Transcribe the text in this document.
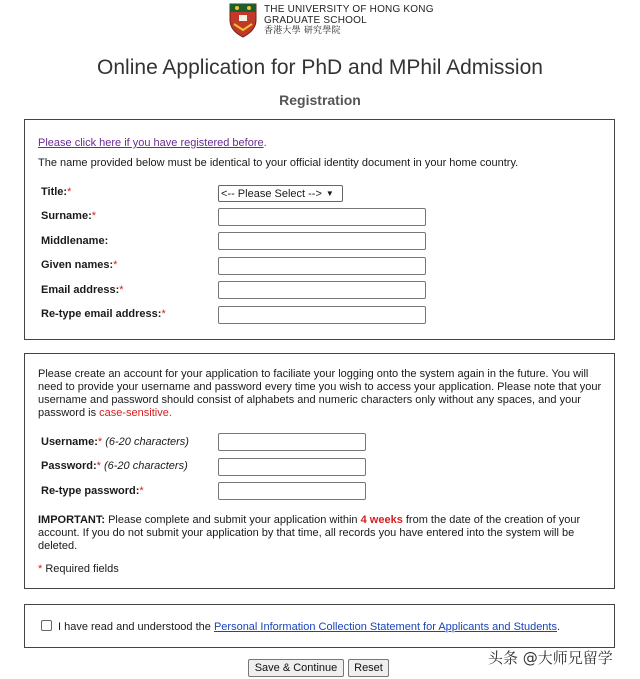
THE UNIVERSITY OF HONG KONG
GRADUATE SCHOOL
香港大學 研究學院
Online Application for PhD and MPhil Admission
Registration
Please click here if you have registered before.
The name provided below must be identical to your official identity document in your home country.
Title:*	<-- Please Select --> ▼
Surname:*
Middlename:
Given names:*
Email address:*
Re-type email address:*
Please create an account for your application to faciliate your logging onto the system again in the future. You will
need to provide your username and password every time you wish to access your application. Please note that your
username and password should consist of alphabets and numeric characters only without any spaces, and your
password is case-sensitive.
Username:* (6-20 characters)
Password:* (6-20 characters)
Re-type password:*
IMPORTANT: Please complete and submit your application within 4 weeks from the date of the creation of your
account. If you do not submit your application by that time, all records you have entered into the system will be
deleted.
* Required fields
I have read and understood the Personal Information Collection Statement for Applicants and Students.
Save & Continue	Reset
头条 @大师兄留学
